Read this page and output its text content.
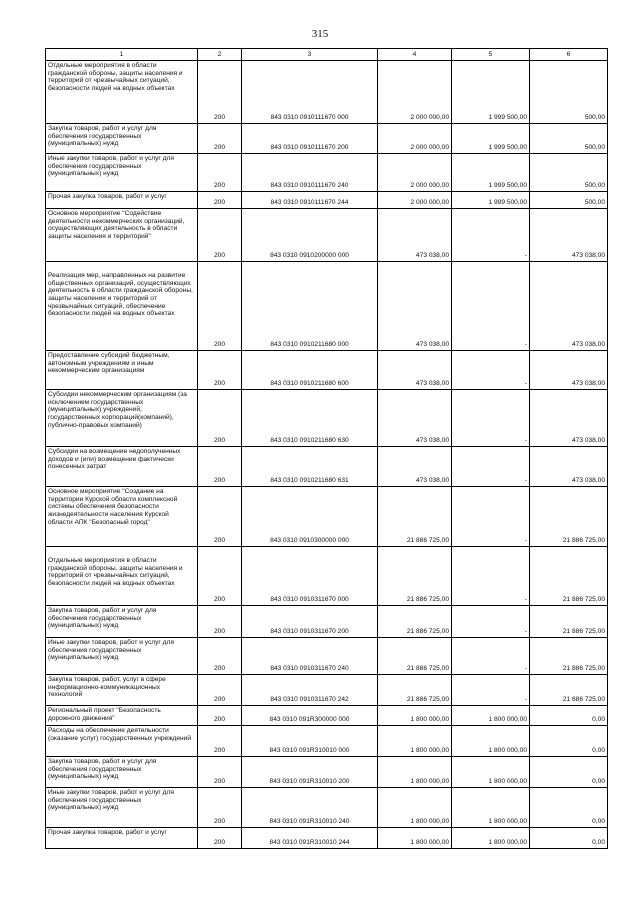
315
1	2	3	4	5	6
Отдельные мероприятия в области гражданской обороны, защиты населения и территорий от чрезвычайных ситуаций, безопасности людей на водных объектах	200	843 0310 0910111670 000	2 000 000,00	1 999 500,00	500,00
Закупка товаров, работ и услуг для обеспечения государственных (муниципальных) нужд	200	843 0310 0910111670 200	2 000 000,00	1 999 500,00	500,00
Иные закупки товаров, работ и услуг для обеспечения государственных (муниципальных) нужд	200	843 0310 0910111670 240	2 000 000,00	1 999 500,00	500,00
Прочая закупка товаров, работ и услуг	200	843 0310 0910111670 244	2 000 000,00	1 999 500,00	500,00
Основное мероприятие "Содействие деятельности некоммерческих организаций, осуществляющих деятельность в области защиты населения и территорий"	200	843 0310 0910200000 000	473 038,00	-	473 038,00
Реализация мер, направленных на развитие общественных организаций, осуществляющих деятельность в области гражданской обороны, защиты населения и территорий от чрезвычайных ситуаций, обеспечение безопасности людей на водных объектах	200	843 0310 0910211680 000	473 038,00	-	473 038,00
Предоставление субсидий бюджетным, автономным учреждениям и иным некоммерческим организациям	200	843 0310 0910211680 600	473 038,00	-	473 038,00
Субсидии некоммерческим организациям (за исключением государственных (муниципальных) учреждений, государственных корпораций(компаний), публично-правовых компаний)	200	843 0310 0910211680 630	473 038,00	-	473 038,00
Субсидии на возмещение недополученных доходов и (или) возмещение фактически понесенных затрат	200	843 0310 0910211680 631	473 038,00	-	473 038,00
Основное мероприятие "Создание на территории Курской области комплексной системы обеспечения безопасности жизнедеятельности населения Курской области АПК "Безопасный город"	200	843 0310 0910300000 000	21 886 725,00	-	21 886 725,00
Отдельные мероприятия в области гражданской обороны, защиты населения и территорий от чрезвычайных ситуаций, безопасности людей на водных объектах	200	843 0310 0910311670 000	21 886 725,00	-	21 886 725,00
Закупка товаров, работ и услуг для обеспечения государственных (муниципальных) нужд	200	843 0310 0910311670 200	21 886 725,00	-	21 886 725,00
Иные закупки товаров, работ и услуг для обеспечения государственных (муниципальных) нужд	200	843 0310 0910311670 240	21 886 725,00	-	21 886 725,00
Закупка товаров, работ, услуг в сфере информационно-коммуникационных технологий	200	843 0310 0910311670 242	21 886 725,00	-	21 886 725,00
Региональный проект "Безопасность дорожного движения"	200	843 0310 091R300000 000	1 800 000,00	1 800 000,00	0,00
Расходы на обеспечение деятельности (оказание услуг) государственных учреждений	200	843 0310 091R310010 000	1 800 000,00	1 800 000,00	0,00
Закупка товаров, работ и услуг для обеспечения государственных (муниципальных) нужд	200	843 0310 091R310010 200	1 800 000,00	1 800 000,00	0,00
Иные закупки товаров, работ и услуг для обеспечения государственных (муниципальных) нужд	200	843 0310 091R310010 240	1 800 000,00	1 800 000,00	0,00
Прочая закупка товаров, работ и услуг	200	843 0310 091R310010 244	1 800 000,00	1 800 000,00	0,00
